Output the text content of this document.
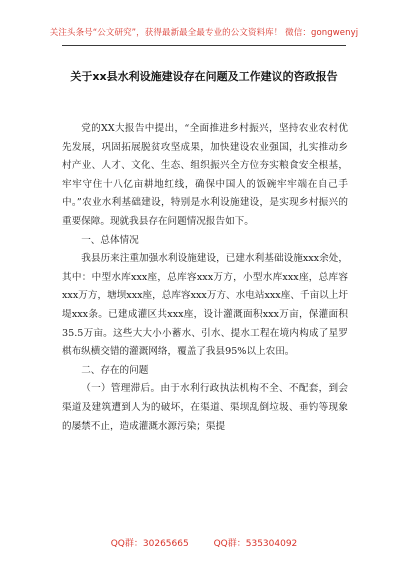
关注头条号“公文研究”，获得最新最全最专业的公文资料库！ 微信：gongwenyj
关于xx县水利设施建设存在问题及工作建议的咨政报告

党的XX大报告中提出，“全面推进乡村振兴，坚持农业农村优先发展，巩固拓展脱贫攻坚成果，加快建设农业强国，扎实推动乡村产业、人才、文化、生态、组织振兴全方位夯实粮食安全根基，牢牢守住十八亿亩耕地红线，确保中国人的饭碗牢牢端在自己手中。”农业水利基础建设，特别是水利设施建设，是实现乡村振兴的重要保障。现就我县存在问题情况报告如下。

一、总体情况

我县历来注重加强水利设施建设，已建水利基础设施xxx余处，其中：中型水库xxx座，总库容xxx万方，小型水库xxx座，总库容xxx万方，塘坝xxx座，总库容xxx万方、水电站xxx座、千亩以上圩堤xxx条。已建成灌区共xxx座，设计灌溉面积xxx万亩，保灌面积35.5万亩。这些大大小小蓄水、引水、提水工程在境内构成了星罗棋布纵横交错的灌溉网络，覆盖了我县95%以上农田。

二、存在的问题

（一）管理滞后。由于水利行政执法机构不全、不配套，到会渠道及建筑遭到人为的破坏，在渠道、渠坝乱倒垃圾、垂钓等现象的屡禁不止，造成灌溉水源污染；渠提

QQ群：30265665	QQ群：535304092
